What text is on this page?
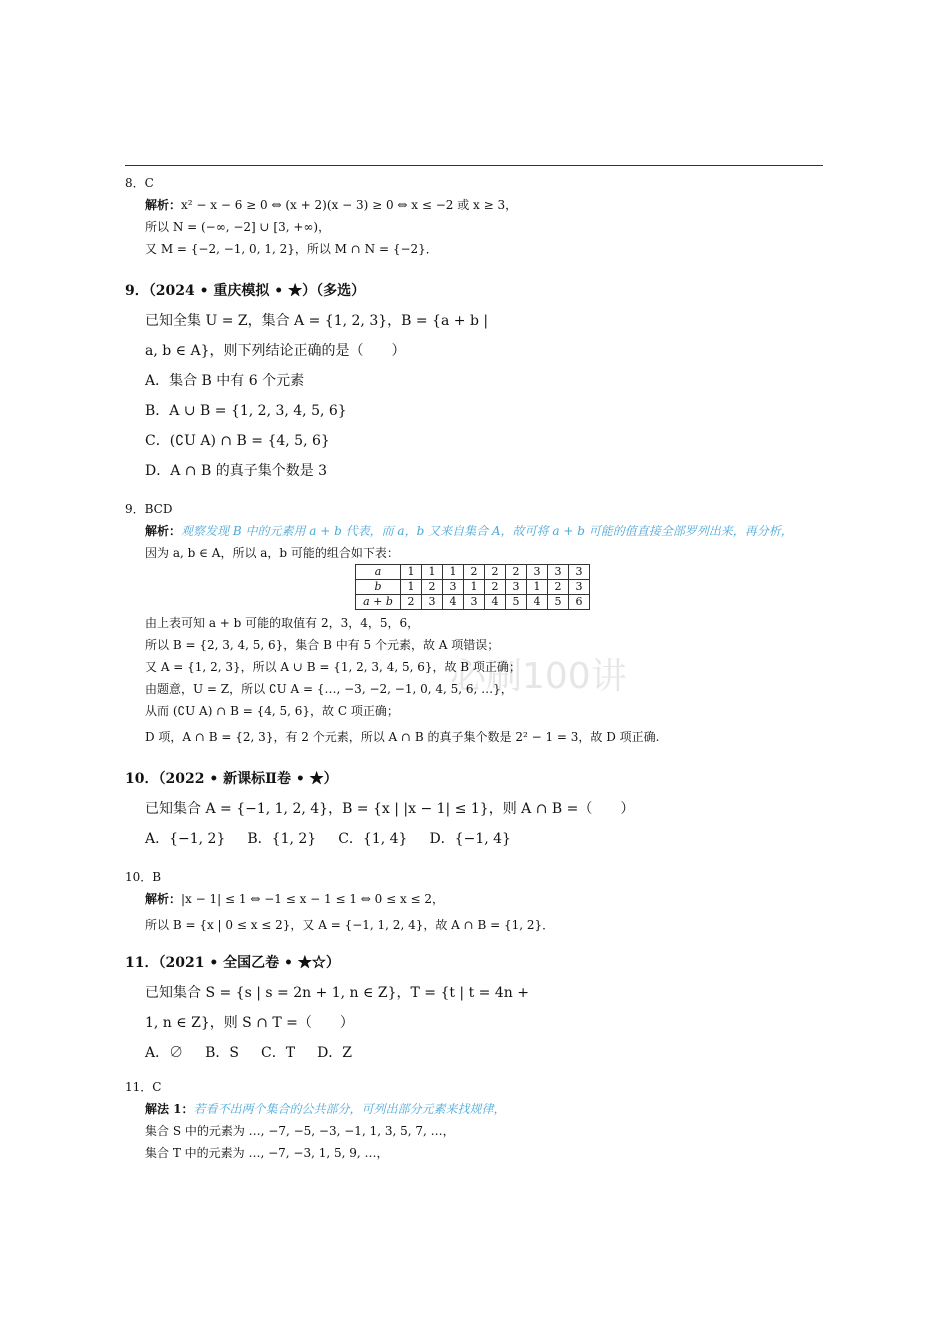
必刷100讲
8．C
解析：x² − x − 6 ≥ 0 ⇔ (x + 2)(x − 3) ≥ 0 ⇔ x ≤ −2 或 x ≥ 3，
所以 N = (−∞, −2] ∪ [3, +∞)，
又 M = {−2, −1, 0, 1, 2}，所以 M ∩ N = {−2}．
9．（2024 • 重庆模拟 • ★）（多选）
已知全集 U = Z，集合 A = {1, 2, 3}，B = {a + b |
a, b ∈ A}，则下列结论正确的是（　　）
A．集合 B 中有 6 个元素
B．A ∪ B = {1, 2, 3, 4, 5, 6}
C．(∁U A) ∩ B = {4, 5, 6}
D．A ∩ B 的真子集个数是 3
9．BCD
解析：观察发现 B 中的元素用 a + b 代表，而 a，b 又来自集合 A，故可将 a + b 可能的值直接全部罗列出来，再分析，
因为 a, b ∈ A，所以 a，b 可能的组合如下表：
a	1	1	1	2	2	2	3	3	3
b	1	2	3	1	2	3	1	2	3
a + b	2	3	4	3	4	5	4	5	6
由上表可知 a + b 可能的取值有 2，3，4，5，6，
所以 B = {2, 3, 4, 5, 6}，集合 B 中有 5 个元素，故 A 项错误；
又 A = {1, 2, 3}，所以 A ∪ B = {1, 2, 3, 4, 5, 6}，故 B 项正确；
由题意，U = Z，所以 ∁U A = {…, −3, −2, −1, 0, 4, 5, 6, …}，
从而 (∁U A) ∩ B = {4, 5, 6}，故 C 项正确；
D 项，A ∩ B = {2, 3}，有 2 个元素，所以 A ∩ B 的真子集个数是 2² − 1 = 3，故 D 项正确.
10．（2022 • 新课标Ⅱ卷 • ★）
已知集合 A = {−1, 1, 2, 4}，B = {x | |x − 1| ≤ 1}，则 A ∩ B =（　　）
A．{−1, 2} B．{1, 2} C．{1, 4} D．{−1, 4}
10．B
解析：|x − 1| ≤ 1 ⇔ −1 ≤ x − 1 ≤ 1 ⇔ 0 ≤ x ≤ 2，
所以 B = {x | 0 ≤ x ≤ 2}，又 A = {−1, 1, 2, 4}，故 A ∩ B = {1, 2}．
11．（2021 • 全国乙卷 • ★☆）
已知集合 S = {s | s = 2n + 1, n ∈ Z}，T = {t | t = 4n +
1, n ∈ Z}，则 S ∩ T =（　　）
A．∅ B．S C．T D．Z
11．C
解法 1：若看不出两个集合的公共部分，可列出部分元素来找规律，
集合 S 中的元素为 …, −7, −5, −3, −1, 1, 3, 5, 7, …，
集合 T 中的元素为 …, −7, −3, 1, 5, 9, …，
